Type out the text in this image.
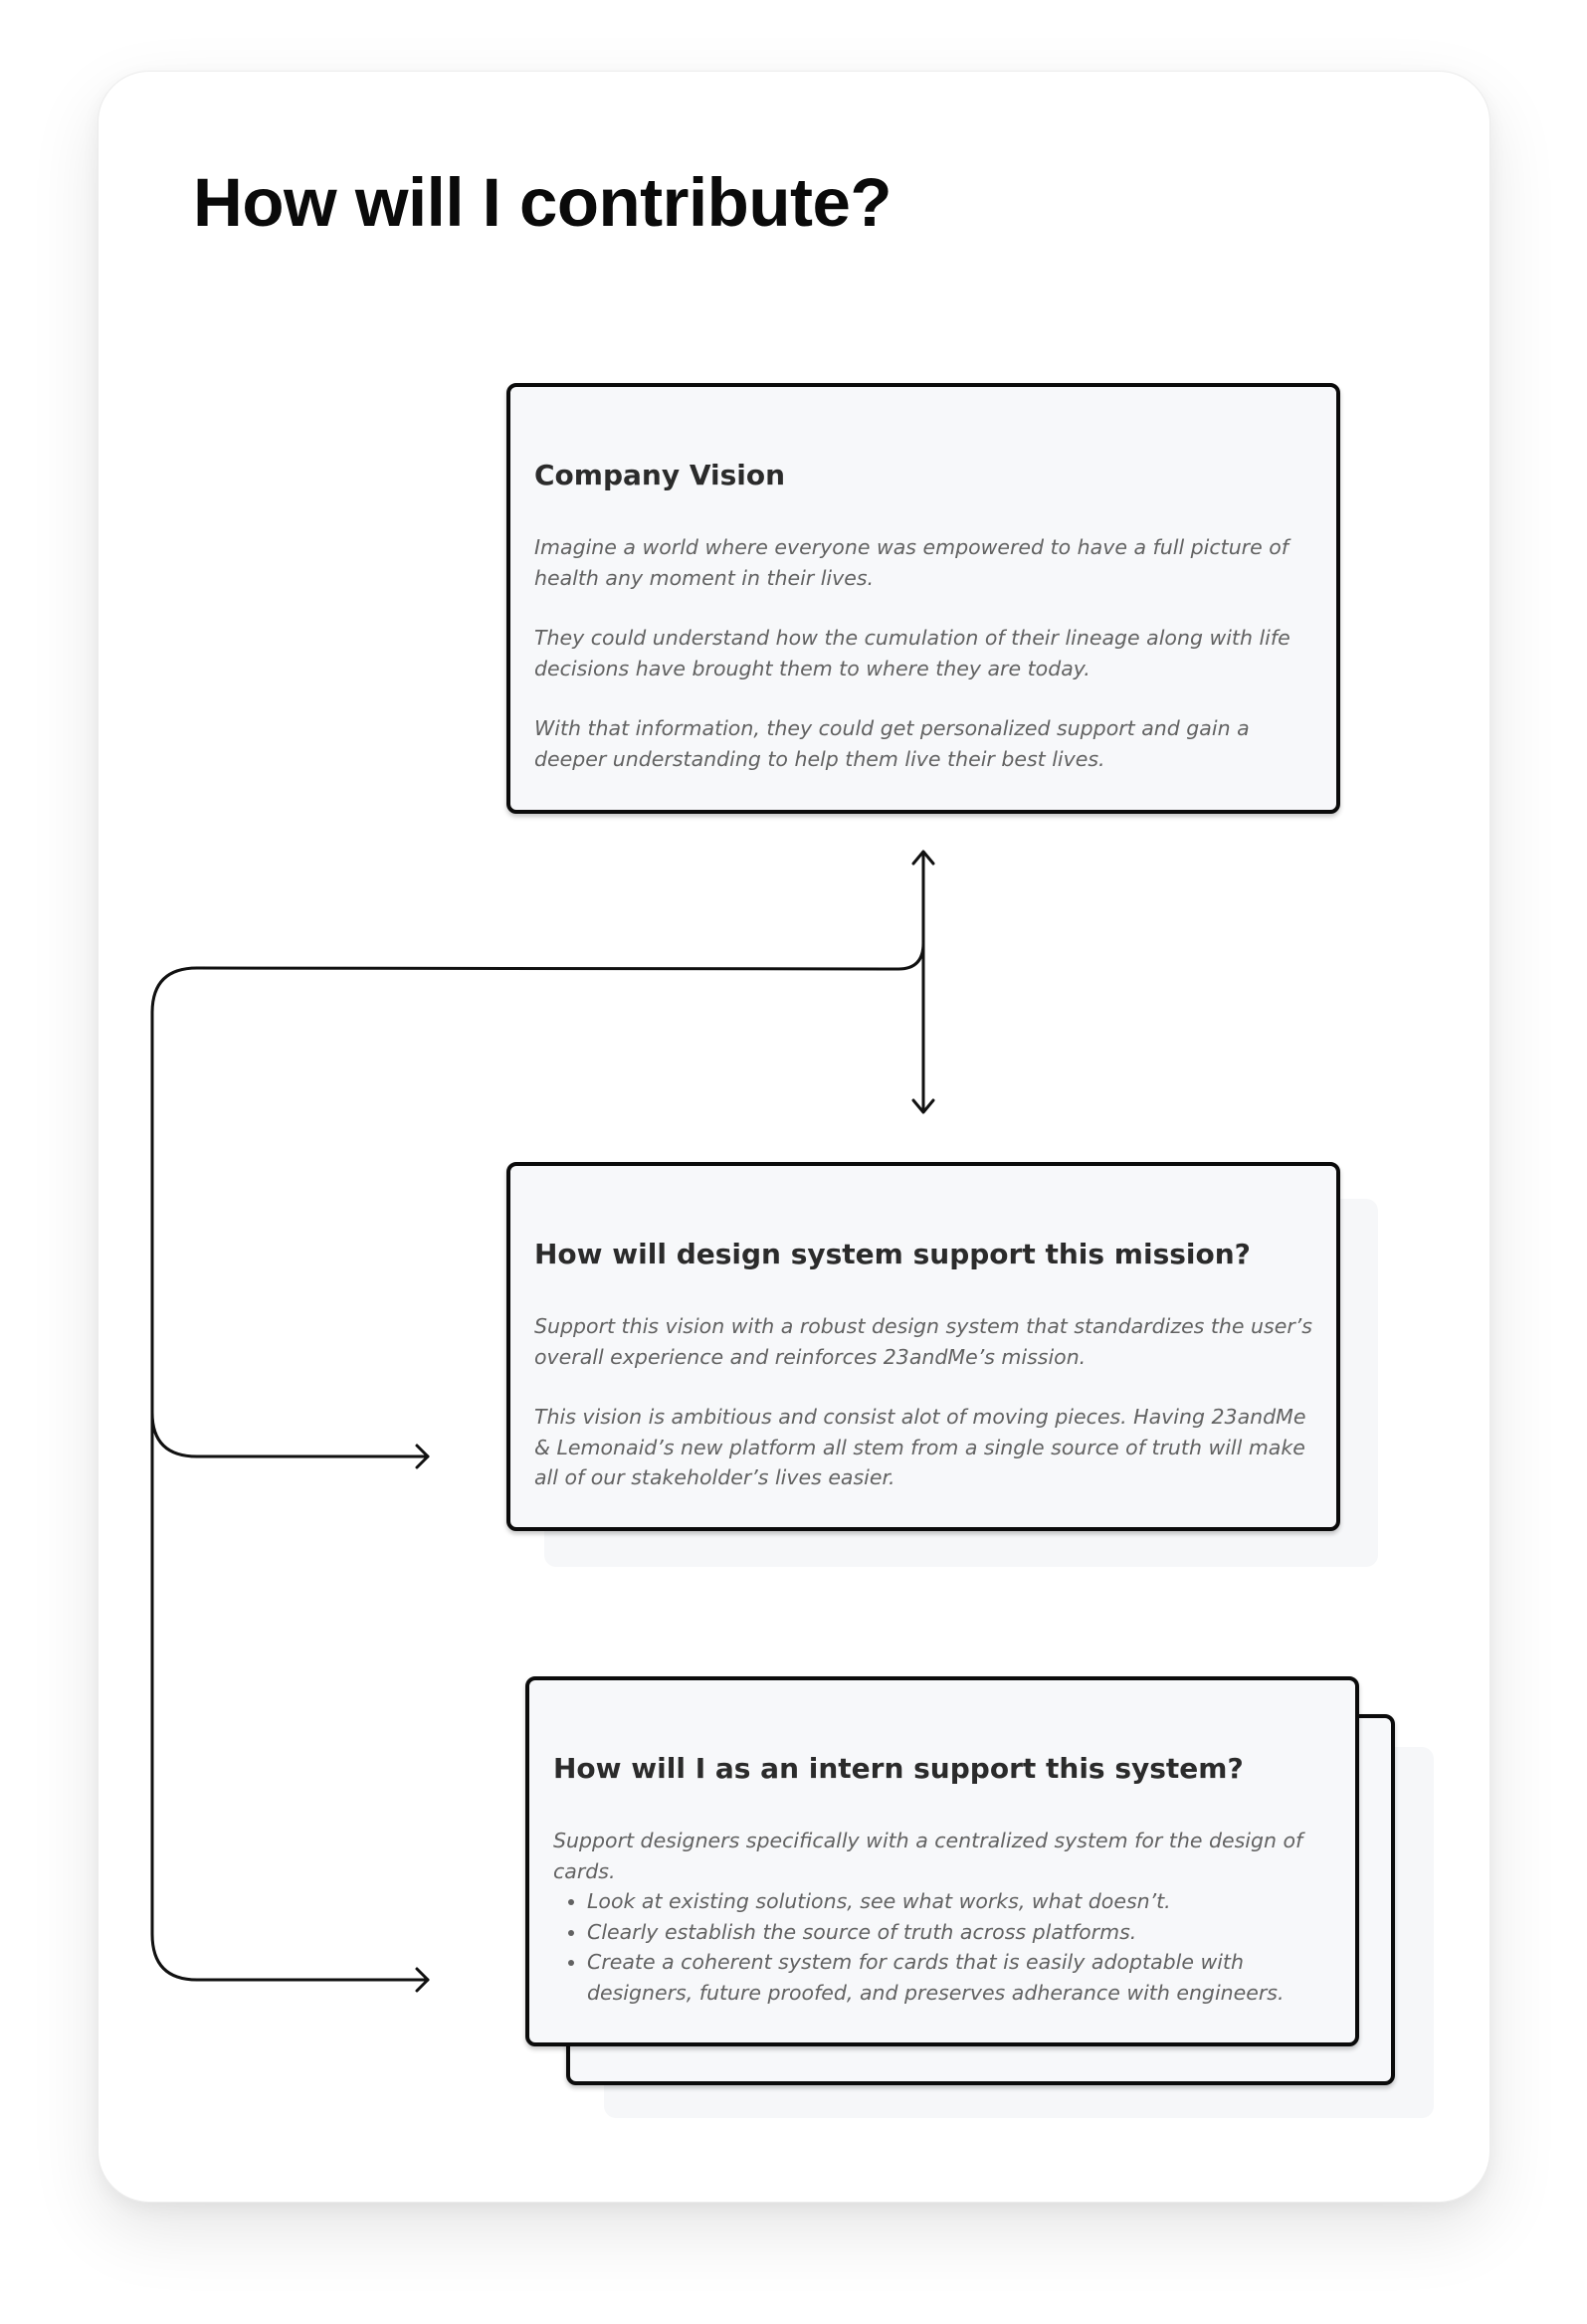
How will I contribute?
Company Vision

Imagine a world where everyone was empowered to have a full picture of health any moment in their lives.

They could understand how the cumulation of their lineage along with life decisions have brought them to where they are today.

With that information, they could get personalized support and gain a deeper understanding to help them live their best lives.

How will design system support this mission?

Support this vision with a robust design system that standardizes the user’s overall experience and reinforces 23andMe’s mission.

This vision is ambitious and consist alot of moving pieces. Having 23andMe & Lemonaid’s new platform all stem from a single source of truth will make all of our stakeholder’s lives easier.

How will I as an intern support this system?

Support designers specifically with a centralized system for the design of cards.

• Look at existing solutions, see what works, what doesn’t.
• Clearly establish the source of truth across platforms.
• Create a coherent system for cards that is easily adoptable with designers, future proofed, and preserves adherance with engineers.
